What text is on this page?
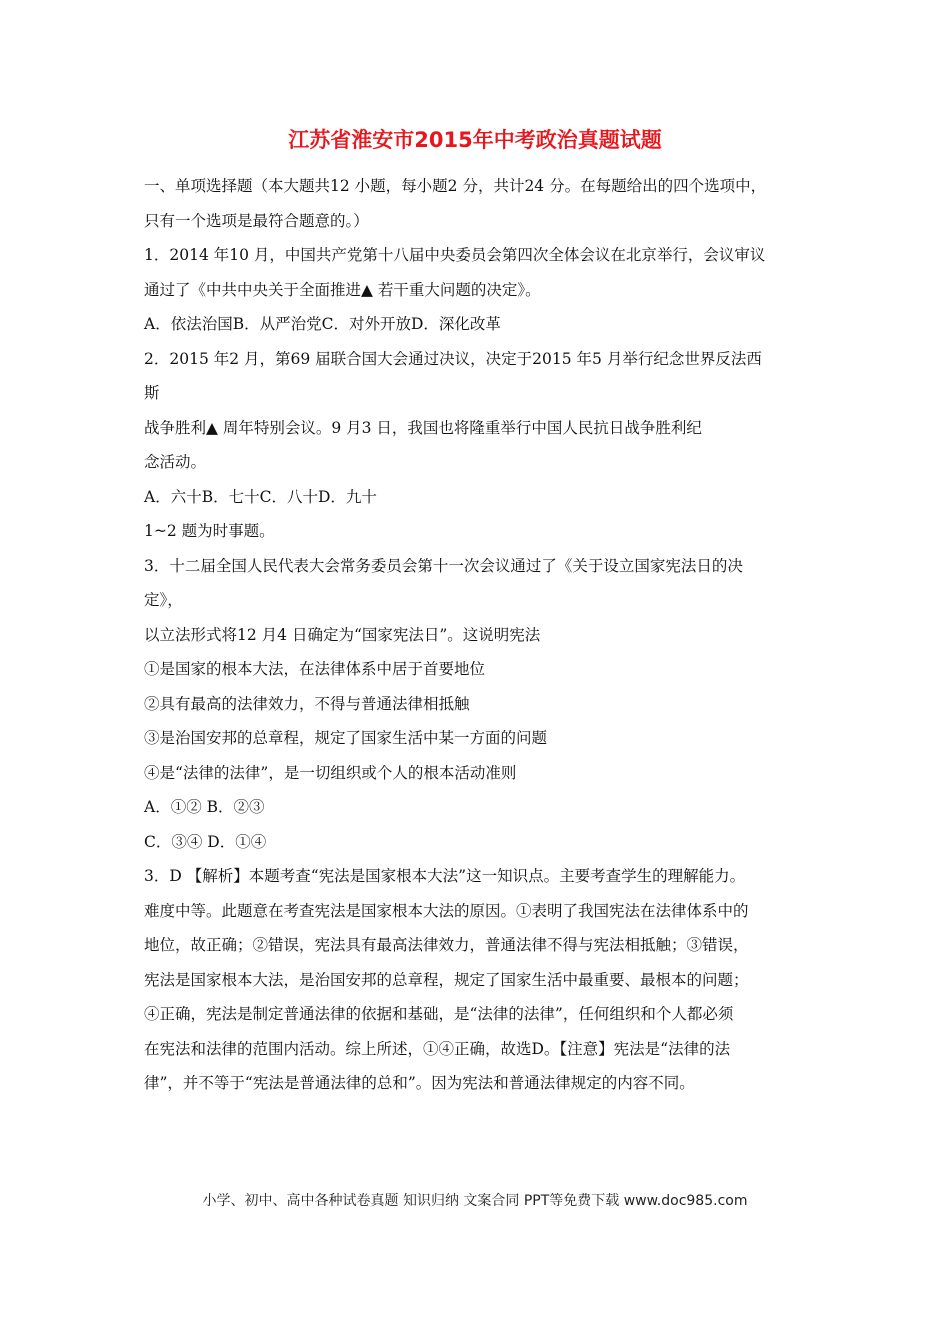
江苏省淮安市2015年中考政治真题试题

一、单项选择题（本大题共12 小题，每小题2 分，共计24 分。在每题给出的四个选项中，

只有一个选项是最符合题意的。）

1．2014 年10 月，中国共产党第十八届中央委员会第四次全体会议在北京举行，会议审议

通过了《中共中央关于全面推进▲ 若干重大问题的决定》。

A．依法治国B．从严治党C．对外开放D．深化改革

2．2015 年2 月，第69 届联合国大会通过决议，决定于2015 年5 月举行纪念世界反法西

斯

战争胜利▲ 周年特别会议。9 月3 日，我国也将隆重举行中国人民抗日战争胜利纪

念活动。

A．六十B．七十C．八十D．九十

1~2 题为时事题。

3．十二届全国人民代表大会常务委员会第十一次会议通过了《关于设立国家宪法日的决

定》，

以立法形式将12 月4 日确定为“国家宪法日”。这说明宪法

①是国家的根本大法，在法律体系中居于首要地位

②具有最高的法律效力，不得与普通法律相抵触

③是治国安邦的总章程，规定了国家生活中某一方面的问题

④是“法律的法律”，是一切组织或个人的根本活动准则

A．①② B．②③

C．③④ D．①④

3．D 【解析】本题考查“宪法是国家根本大法”这一知识点。主要考查学生的理解能力。

难度中等。此题意在考查宪法是国家根本大法的原因。①表明了我国宪法在法律体系中的

地位，故正确；②错误，宪法具有最高法律效力，普通法律不得与宪法相抵触；③错误，

宪法是国家根本大法，是治国安邦的总章程，规定了国家生活中最重要、最根本的问题；

④正确，宪法是制定普通法律的依据和基础，是“法律的法律”，任何组织和个人都必须

在宪法和法律的范围内活动。综上所述，①④正确，故选D。【注意】宪法是“法律的法

律”，并不等于“宪法是普通法律的总和”。因为宪法和普通法律规定的内容不同。

小学、初中、高中各种试卷真题 知识归纳 文案合同 PPT等免费下载 www.doc985.com
